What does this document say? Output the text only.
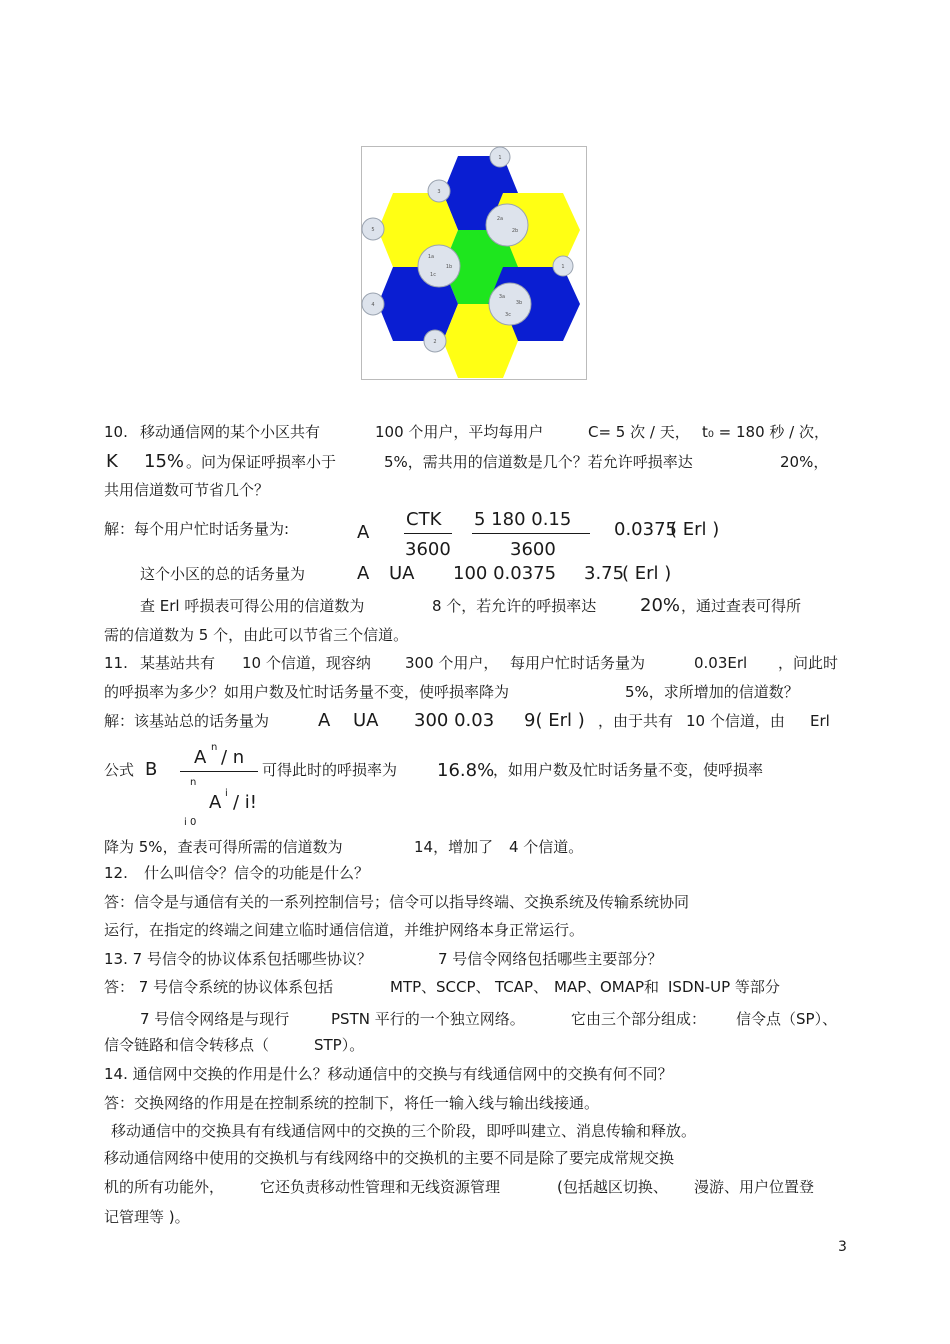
1
3
5
2a
2b
1a
1b
1c
1
4
2
3a
3b
3c
10. 移动通信网的某个小区共有	100 个用户，平均每用户	C= 5 次 / 天， t₀ = 180 秒 / 次，
K 15% 。问为保证呼损率小于	5%，需共用的信道数是几个？若允许呼损率达	20%，
共用信道数可节省几个？
解：每个用户忙时话务量为:	A
CTK
3600
5 180 0.15
3600
0.0375
( Erl )
这个小区的总的话务量为	A UA 100 0.0375 3.75
( Erl )
查 Erl 呼损表可得公用的信道数为	8 个，若允许的呼损率达 20% ，通过查表可得所
需的信道数为 5 个，由此可以节省三个信道。
11. 某基站共有 10 个信道，现容纳 300 个用户， 每用户忙时话务量为	0.03Erl ，问此时
的呼损率为多少？如用户数及忙时话务量不变，使呼损率降为	5%，求所增加的信道数？
解：该基站总的话务量为	A UA 300 0.03 9( Erl ) ，由于共有 10 个信道，由 Erl
公式 B
A n / n
n
A i / i!
i 0
可得此时的呼损率为 16.8%
，如用户数及忙时话务量不变，使呼损率
降为 5%，查表可得所需的信道数为	14，增加了 4 个信道。
12. 什么叫信令？信令的功能是什么？
答：信令是与通信有关的一系列控制信号；信令可以指导终端、交换系统及传输系统协同
运行，在指定的终端之间建立临时通信信道，并维护网络本身正常运行。
13. 7 号信令的协议体系包括哪些协议？	7 号信令网络包括哪些主要部分？
答： 7 号信令系统的协议体系包括	MTP、 SCCP、 TCAP、 MAP、
OMAP和 ISDN-UP 等部分
7 号信令网络是与现行	PSTN 平行的一个独立网络。	它由三个部分组成： 信令点（SP）、
信令链路和信令转移点（	STP）。
14. 通信网中交换的作用是什么？移动通信中的交换与有线通信网中的交换有何不同？
答：交换网络的作用是在控制系统的控制下，将任一输入线与输出线接通。
移动通信中的交换具有有线通信网中的交换的三个阶段，即呼叫建立、消息传输和释放。
移动通信网络中使用的交换机与有线网络中的交换机的主要不同是除了要完成常规交换
机的所有功能外， 它还负责移动性管理和无线资源管理	(包括越区切换、 漫游、用户位置登
记管理等 )。
3
